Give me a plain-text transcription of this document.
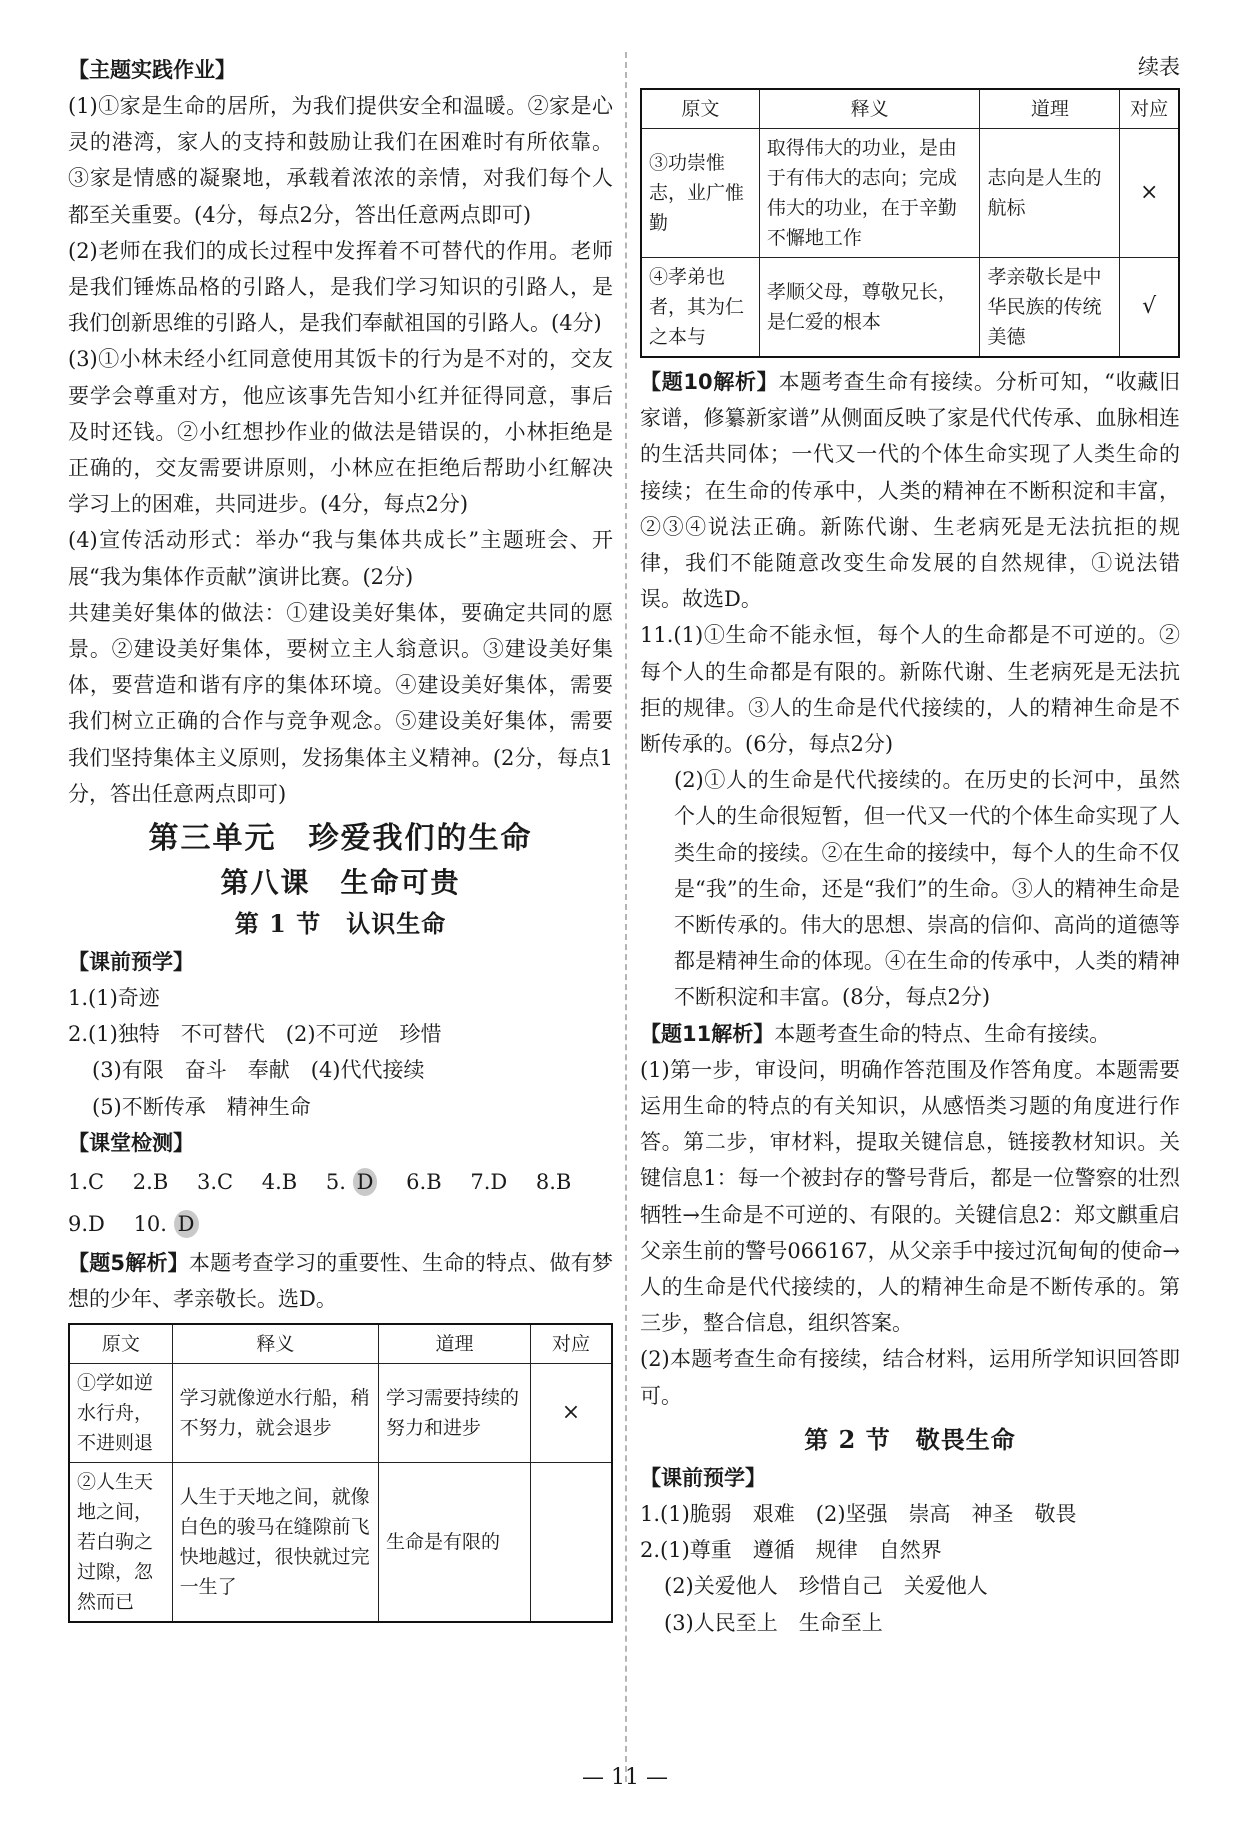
【主题实践作业】

(1)①家是生命的居所，为我们提供安全和温暖。②家是心灵的港湾，家人的支持和鼓励让我们在困难时有所依靠。③家是情感的凝聚地，承载着浓浓的亲情，对我们每个人都至关重要。(4分，每点2分，答出任意两点即可)

(2)老师在我们的成长过程中发挥着不可替代的作用。老师是我们锤炼品格的引路人，是我们学习知识的引路人，是我们创新思维的引路人，是我们奉献祖国的引路人。(4分)

(3)①小林未经小红同意使用其饭卡的行为是不对的，交友要学会尊重对方，他应该事先告知小红并征得同意，事后及时还钱。②小红想抄作业的做法是错误的，小林拒绝是正确的，交友需要讲原则，小林应在拒绝后帮助小红解决学习上的困难，共同进步。(4分，每点2分)

(4)宣传活动形式：举办“我与集体共成长”主题班会、开展“我为集体作贡献”演讲比赛。(2分)

共建美好集体的做法：①建设美好集体，要确定共同的愿景。②建设美好集体，要树立主人翁意识。③建设美好集体，要营造和谐有序的集体环境。④建设美好集体，需要我们树立正确的合作与竞争观念。⑤建设美好集体，需要我们坚持集体主义原则，发扬集体主义精神。(2分，每点1分，答出任意两点即可)

第三单元　珍爱我们的生命
第八课　生命可贵
第 1 节　认识生命

【课前预学】

1.(1)奇迹

2.(1)独特　不可替代　(2)不可逆　珍惜

(3)有限　奋斗　奉献　(4)代代接续

(5)不断传承　精神生命

【课堂检测】

1.C 2.B 3.C 4.B 5. D 6.B 7.D 8.B
9.D 10. D

【题5解析】本题考查学习的重要性、生命的特点、做有梦想的少年、孝亲敬长。选D。

原文	释义	道理	对应
①学如逆水行舟，不进则退	学习就像逆水行船，稍不努力，就会退步	学习需要持续的努力和进步	×
②人生天地之间，若白驹之过隙，忽然而已	人生于天地之间，就像白色的骏马在缝隙前飞快地越过，很快就过完一生了	生命是有限的	
续表
原文	释义	道理	对应
③功崇惟志，业广惟勤	取得伟大的功业，是由于有伟大的志向；完成伟大的功业，在于辛勤不懈地工作	志向是人生的航标	×
④孝弟也者，其为仁之本与	孝顺父母，尊敬兄长，是仁爱的根本	孝亲敬长是中华民族的传统美德	√

【题10解析】本题考查生命有接续。分析可知，“收藏旧家谱，修纂新家谱”从侧面反映了家是代代传承、血脉相连的生活共同体；一代又一代的个体生命实现了人类生命的接续；在生命的传承中，人类的精神在不断积淀和丰富，②③④说法正确。新陈代谢、生老病死是无法抗拒的规律，我们不能随意改变生命发展的自然规律，①说法错误。故选D。

11.(1)①生命不能永恒，每个人的生命都是不可逆的。②每个人的生命都是有限的。新陈代谢、生老病死是无法抗拒的规律。③人的生命是代代接续的，人的精神生命是不断传承的。(6分，每点2分)

(2)①人的生命是代代接续的。在历史的长河中，虽然个人的生命很短暂，但一代又一代的个体生命实现了人类生命的接续。②在生命的接续中，每个人的生命不仅是“我”的生命，还是“我们”的生命。③人的精神生命是不断传承的。伟大的思想、崇高的信仰、高尚的道德等都是精神生命的体现。④在生命的传承中，人类的精神不断积淀和丰富。(8分，每点2分)

【题11解析】本题考查生命的特点、生命有接续。

(1)第一步，审设问，明确作答范围及作答角度。本题需要运用生命的特点的有关知识，从感悟类习题的角度进行作答。第二步，审材料，提取关键信息，链接教材知识。关键信息1：每一个被封存的警号背后，都是一位警察的壮烈牺牲→生命是不可逆的、有限的。关键信息2：郑文麒重启父亲生前的警号066167，从父亲手中接过沉甸甸的使命→人的生命是代代接续的，人的精神生命是不断传承的。第三步，整合信息，组织答案。

(2)本题考查生命有接续，结合材料，运用所学知识回答即可。

第 2 节　敬畏生命

【课前预学】

1.(1)脆弱　艰难　(2)坚强　崇高　神圣　敬畏

2.(1)尊重　遵循　规律　自然界

(2)关爱他人　珍惜自己　关爱他人

(3)人民至上　生命至上

— 11 —
